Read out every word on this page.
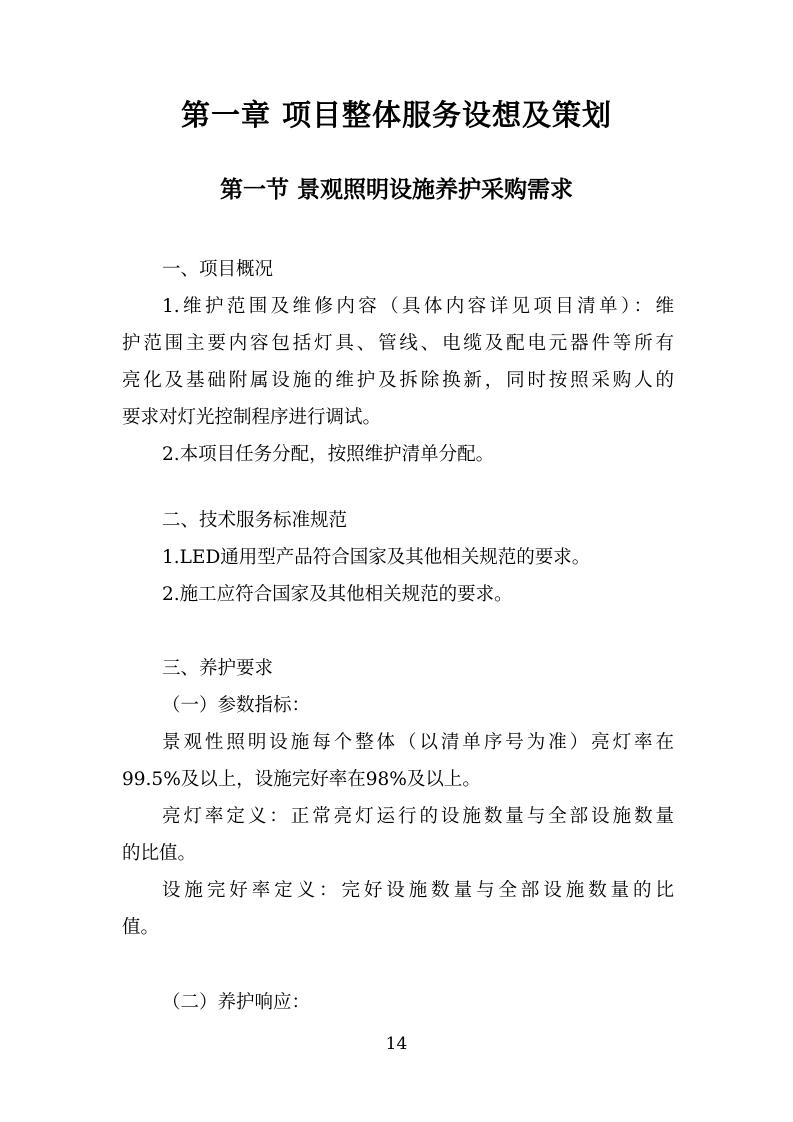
第一章 项目整体服务设想及策划
第一节 景观照明设施养护采购需求
一、项目概况
1.维护范围及维修内容（具体内容详见项目清单）：维
护范围主要内容包括灯具、管线、电缆及配电元器件等所有
亮化及基础附属设施的维护及拆除换新，同时按照采购人的
要求对灯光控制程序进行调试。
2.本项目任务分配，按照维护清单分配。
二、技术服务标准规范
1.LED通用型产品符合国家及其他相关规范的要求。
2.施工应符合国家及其他相关规范的要求。
三、养护要求
（一）参数指标：
景观性照明设施每个整体（以清单序号为准）亮灯率在
99.5%及以上，设施完好率在98%及以上。
亮灯率定义：正常亮灯运行的设施数量与全部设施数量
的比值。
设施完好率定义：完好设施数量与全部设施数量的比
值。
（二）养护响应：
14
